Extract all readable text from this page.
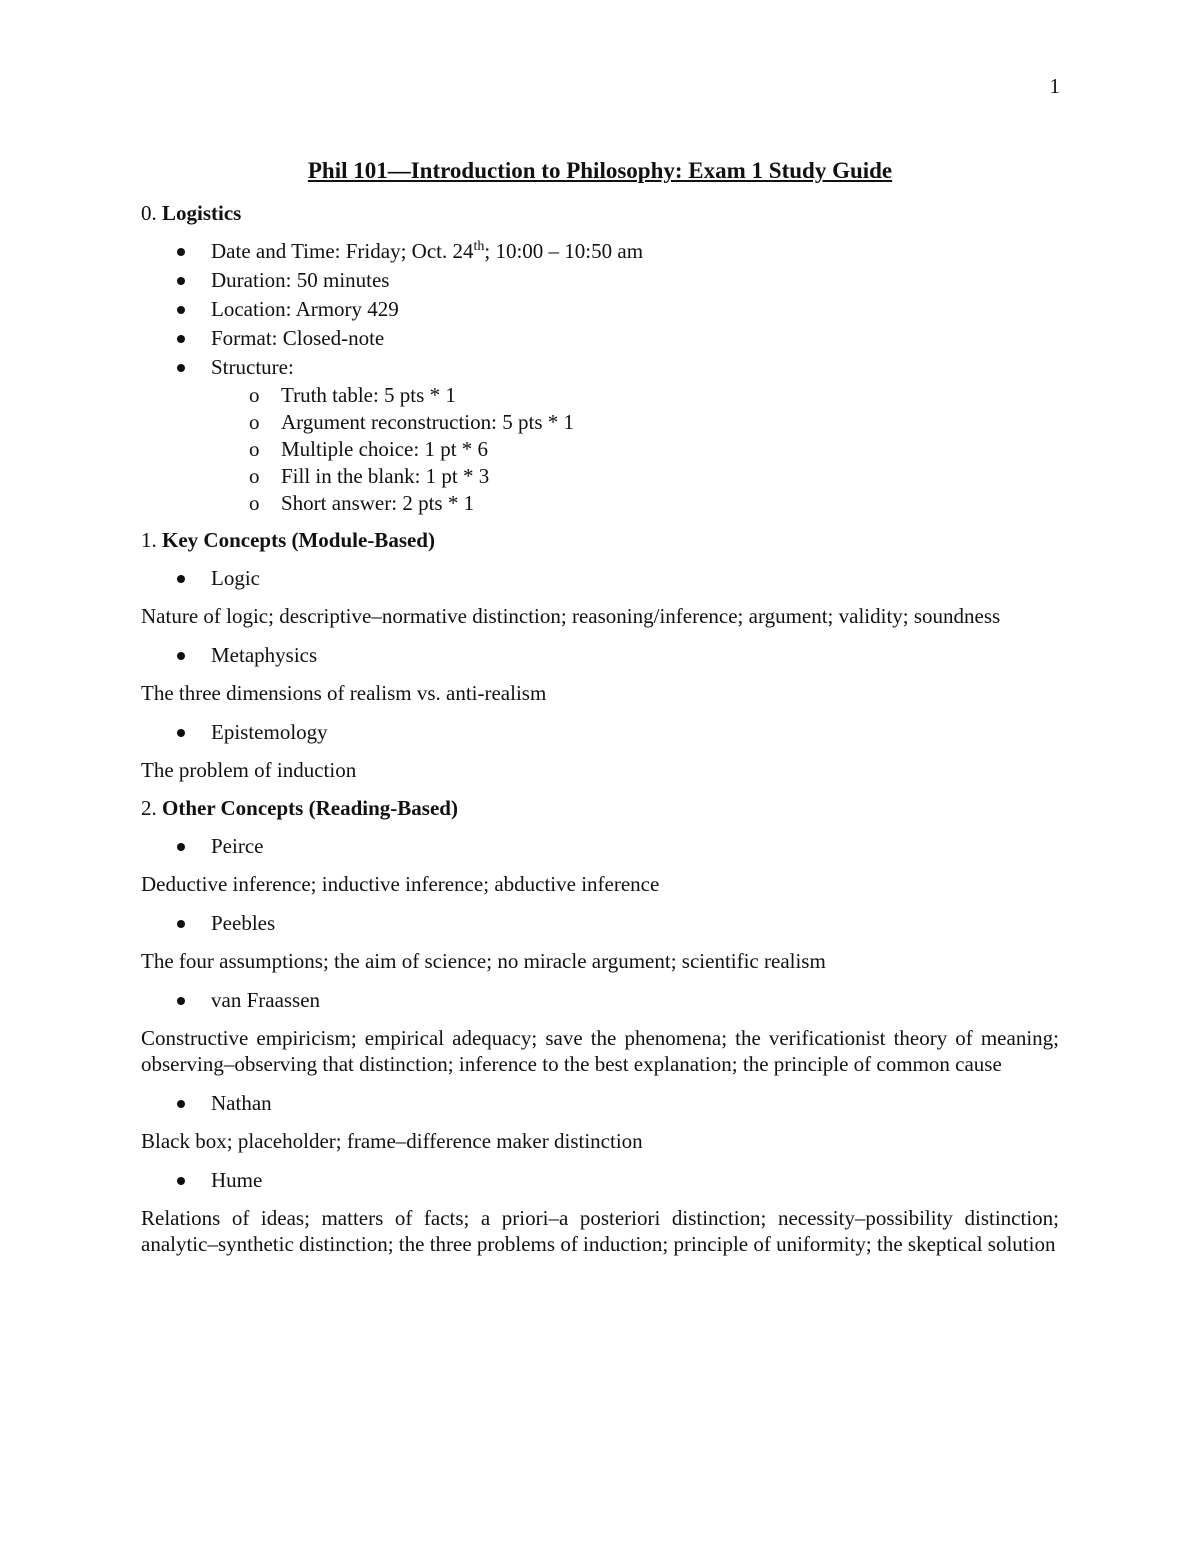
1
Phil 101—Introduction to Philosophy: Exam 1 Study Guide
0. Logistics
Date and Time: Friday; Oct. 24th; 10:00 – 10:50 am
Duration: 50 minutes
Location: Armory 429
Format: Closed-note
Structure:
o Truth table: 5 pts * 1
o Argument reconstruction: 5 pts * 1
o Multiple choice: 1 pt * 6
o Fill in the blank: 1 pt * 3
o Short answer: 2 pts * 1
1. Key Concepts (Module-Based)
Logic
Nature of logic; descriptive–normative distinction; reasoning/inference; argument; validity; soundness
Metaphysics
The three dimensions of realism vs. anti-realism
Epistemology
The problem of induction
2. Other Concepts (Reading-Based)
Peirce
Deductive inference; inductive inference; abductive inference
Peebles
The four assumptions; the aim of science; no miracle argument; scientific realism
van Fraassen
Constructive empiricism; empirical adequacy; save the phenomena; the verificationist theory of meaning; observing–observing that distinction; inference to the best explanation; the principle of common cause
Nathan
Black box; placeholder; frame–difference maker distinction
Hume
Relations of ideas; matters of facts; a priori–a posteriori distinction; necessity–possibility distinction; analytic–synthetic distinction; the three problems of induction; principle of uniformity; the skeptical solution
